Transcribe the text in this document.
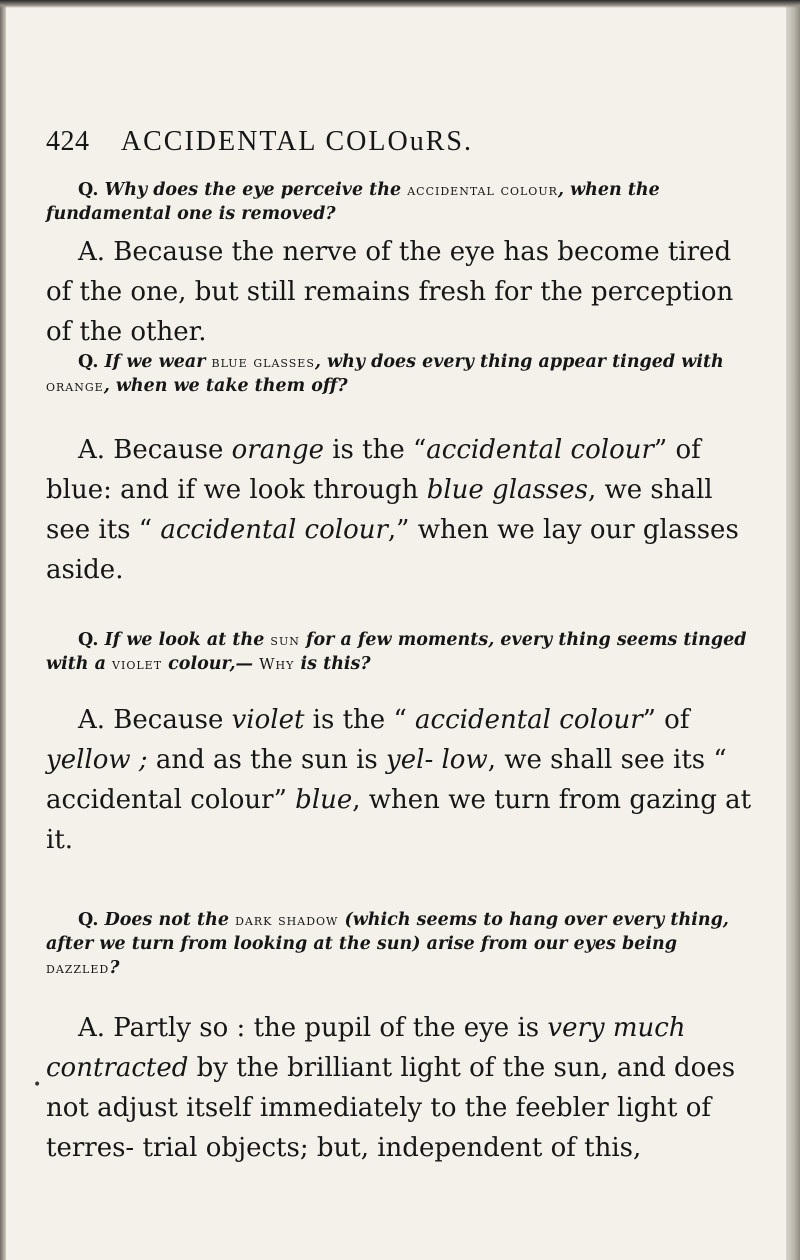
424 ACCIDENTAL COLOuRS.

Q. Why does the eye perceive the accidental colour, when the fundamental one is removed?

A. Because the nerve of the eye has become tired of the one, but still remains fresh for the perception of the other.

Q. If we wear blue glasses, why does every thing appear tinged with orange, when we take them off?

A. Because orange is the “accidental colour” of blue: and if we look through blue glasses, we shall see its “ accidental colour,” when we lay our glasses aside.

Q. If we look at the sun for a few moments, every thing seems tinged with a violet colour,— Why is this?

A. Because violet is the “ accidental colour” of yellow ; and as the sun is yel- low, we shall see its “ accidental colour” blue, when we turn from gazing at it.

Q. Does not the dark shadow (which seems to hang over every thing, after we turn from looking at the sun) arise from our eyes being dazzled?

A. Partly so : the pupil of the eye is very much contracted by the brilliant light of the sun, and does not adjust itself immediately to the feebler light of terres- trial objects; but, independent of this,

•
